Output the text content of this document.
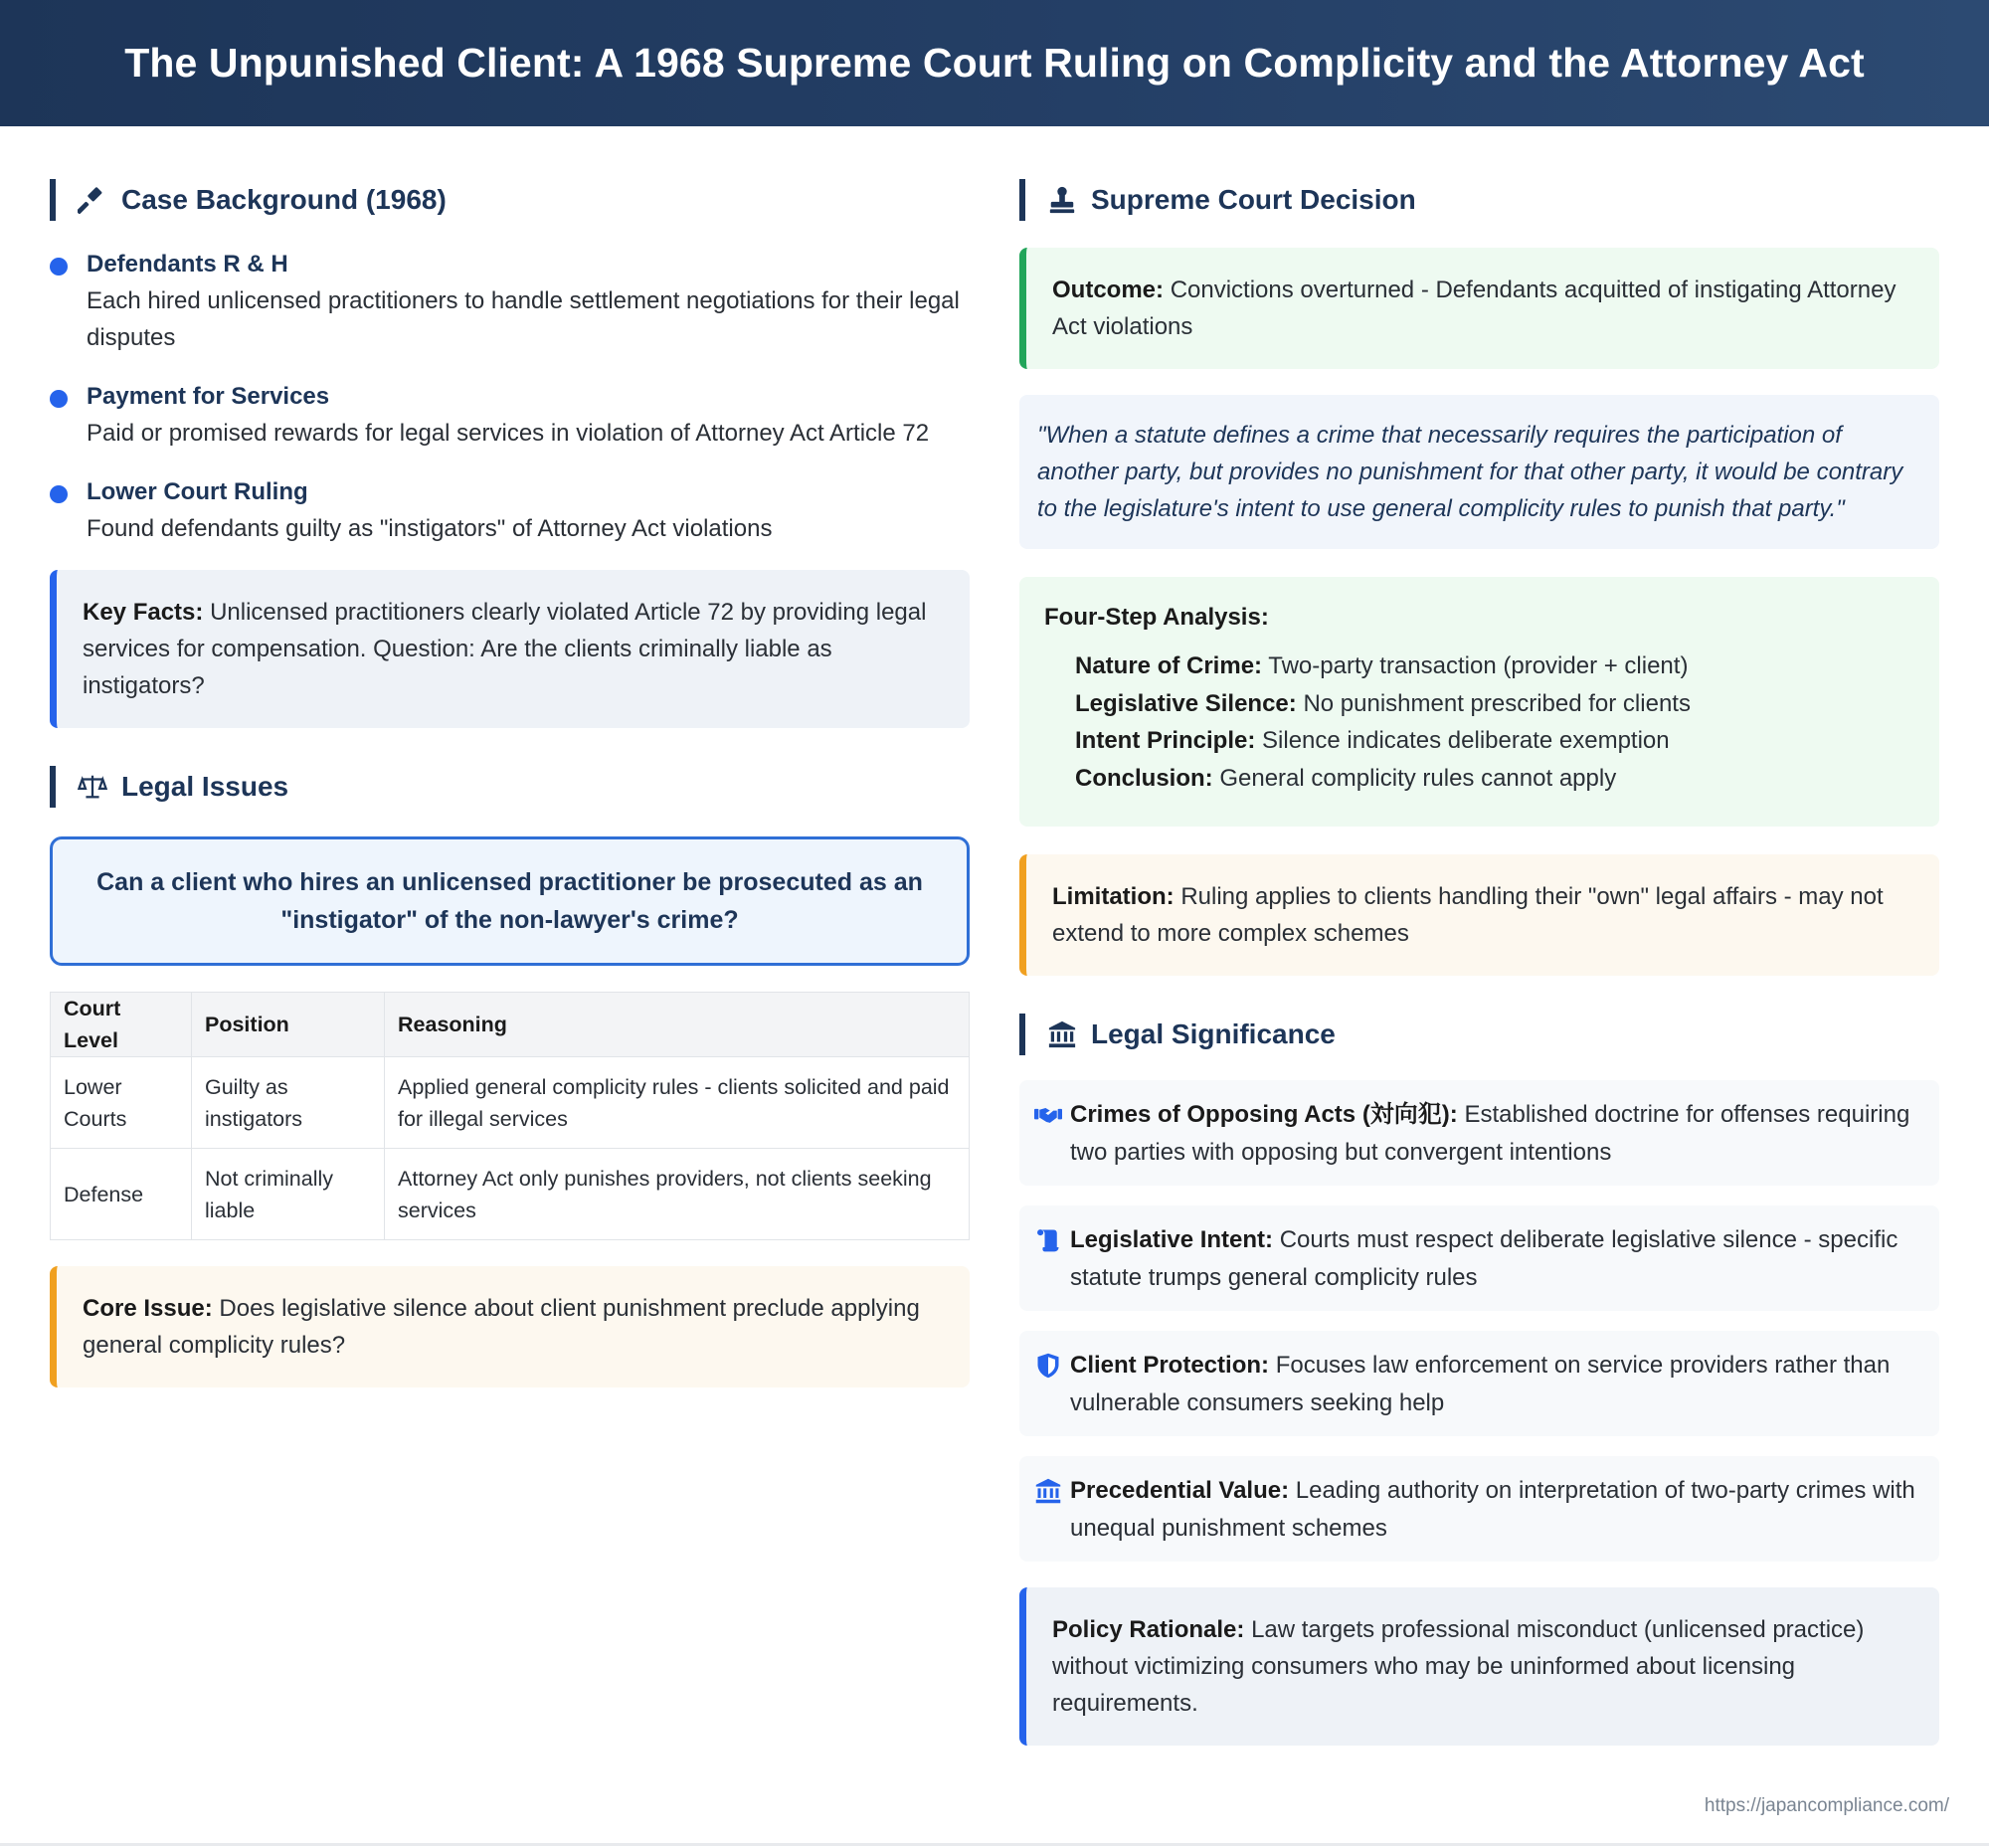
The Unpunished Client: A 1968 Supreme Court Ruling on Complicity and the Attorney Act
Case Background (1968)
Defendants R & H
Each hired unlicensed practitioners to handle settlement negotiations for their legal disputes
Payment for Services
Paid or promised rewards for legal services in violation of Attorney Act Article 72
Lower Court Ruling
Found defendants guilty as "instigators" of Attorney Act violations
Key Facts: Unlicensed practitioners clearly violated Article 72 by providing legal services for compensation. Question: Are the clients criminally liable as instigators?
Legal Issues
Can a client who hires an unlicensed practitioner be prosecuted as an "instigator" of the non-lawyer's crime?
Court Level	Position	Reasoning
Lower Courts	Guilty as instigators	Applied general complicity rules - clients solicited and paid for illegal services
Defense	Not criminally liable	Attorney Act only punishes providers, not clients seeking services
Core Issue: Does legislative silence about client punishment preclude applying general complicity rules?
Supreme Court Decision
Outcome: Convictions overturned - Defendants acquitted of instigating Attorney Act violations
"When a statute defines a crime that necessarily requires the participation of another party, but provides no punishment for that other party, it would be contrary to the legislature's intent to use general complicity rules to punish that party."
Four-Step Analysis:
Nature of Crime: Two-party transaction (provider + client)
Legislative Silence: No punishment prescribed for clients
Intent Principle: Silence indicates deliberate exemption
Conclusion: General complicity rules cannot apply
Limitation: Ruling applies to clients handling their "own" legal affairs - may not extend to more complex schemes
Legal Significance
Crimes of Opposing Acts (対向犯): Established doctrine for offenses requiring two parties with opposing but convergent intentions
Legislative Intent: Courts must respect deliberate legislative silence - specific statute trumps general complicity rules
Client Protection: Focuses law enforcement on service providers rather than vulnerable consumers seeking help
Precedential Value: Leading authority on interpretation of two-party crimes with unequal punishment schemes
Policy Rationale: Law targets professional misconduct (unlicensed practice) without victimizing consumers who may be uninformed about licensing requirements.
https://japancompliance.com/
